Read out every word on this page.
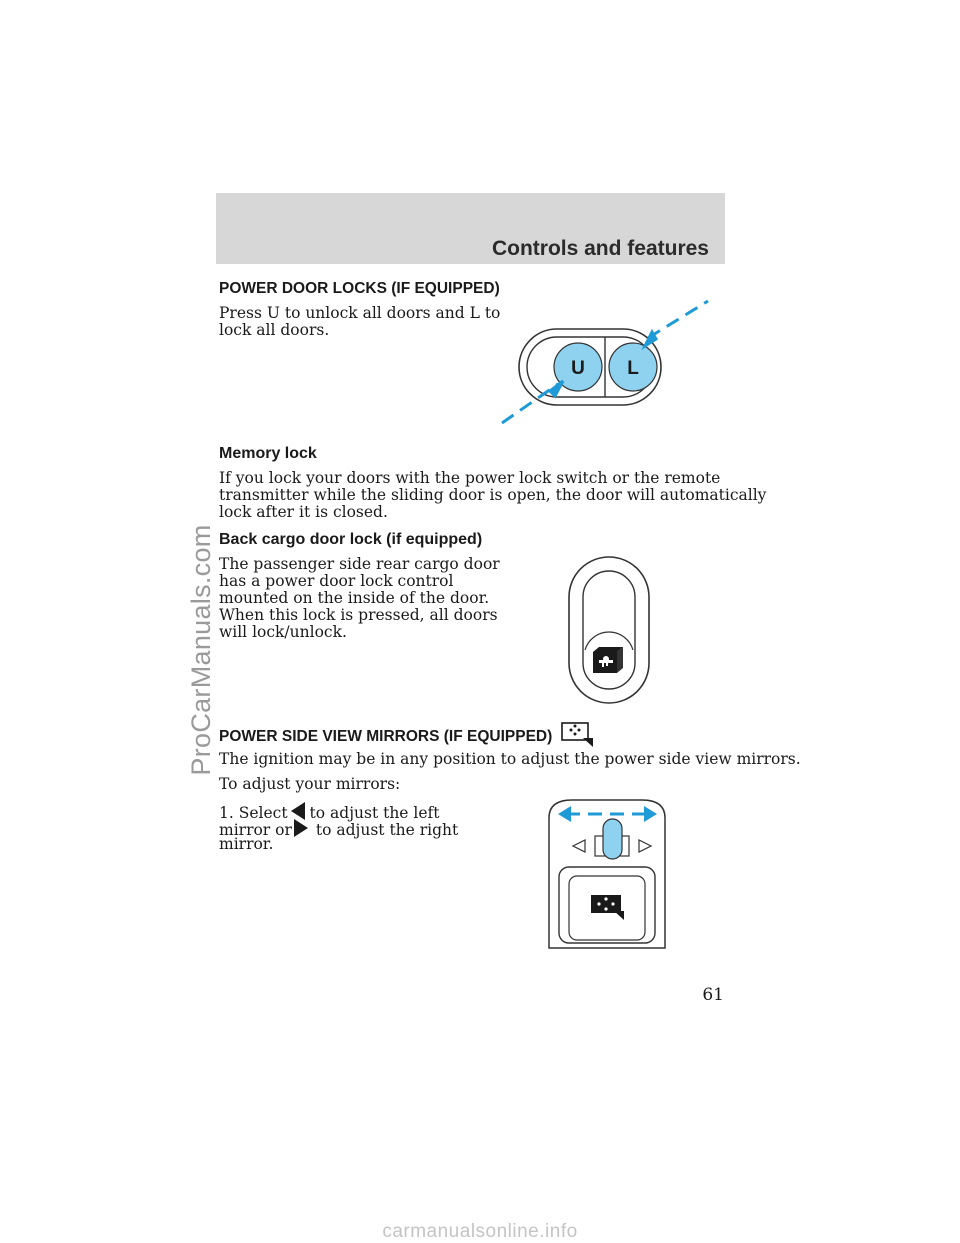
Controls and features
ProCarManuals.com
POWER DOOR LOCKS (IF EQUIPPED)

Press U to unlock all doors and L to

lock all doors.

U L
Memory lock

If you lock your doors with the power lock switch or the remote

transmitter while the sliding door is open, the door will automatically

lock after it is closed.

Back cargo door lock (if equipped)

The passenger side rear cargo door

has a power door lock control

mounted on the inside of the door.

When this lock is pressed, all doors

will lock/unlock.

POWER SIDE VIEW MIRRORS (IF EQUIPPED)

The ignition may be in any position to adjust the power side view mirrors.

To adjust your mirrors:

1. Select to adjust the left

mirror or to adjust the right

mirror.

61
carmanualsonline.info
